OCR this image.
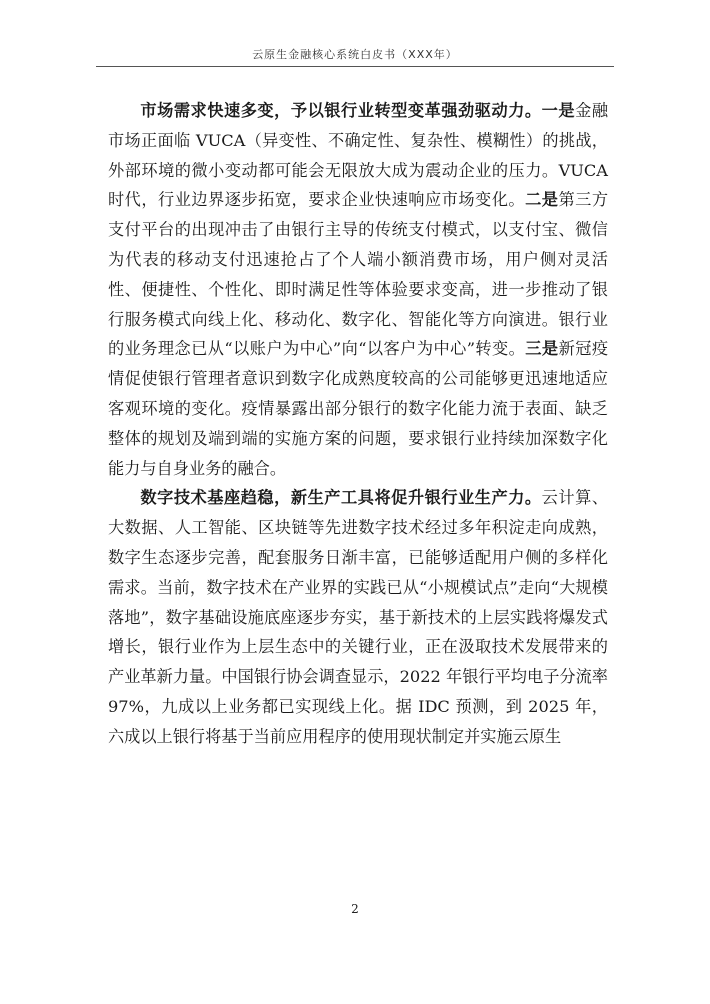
云原生金融核心系统白皮书（XXX年）

市场需求快速多变，予以银行业转型变革强劲驱动力。一是金融市场正面临 VUCA（异变性、不确定性、复杂性、模糊性）的挑战，外部环境的微小变动都可能会无限放大成为震动企业的压力。VUCA 时代，行业边界逐步拓宽，要求企业快速响应市场变化。二是第三方支付平台的出现冲击了由银行主导的传统支付模式，以支付宝、微信为代表的移动支付迅速抢占了个人端小额消费市场，用户侧对灵活性、便捷性、个性化、即时满足性等体验要求变高，进一步推动了银行服务模式向线上化、移动化、数字化、智能化等方向演进。银行业的业务理念已从“以账户为中心”向“以客户为中心”转变。三是新冠疫情促使银行管理者意识到数字化成熟度较高的公司能够更迅速地适应客观环境的变化。疫情暴露出部分银行的数字化能力流于表面、缺乏整体的规划及端到端的实施方案的问题，要求银行业持续加深数字化能力与自身业务的融合。

数字技术基座趋稳，新生产工具将促升银行业生产力。云计算、大数据、人工智能、区块链等先进数字技术经过多年积淀走向成熟，数字生态逐步完善，配套服务日渐丰富，已能够适配用户侧的多样化需求。当前，数字技术在产业界的实践已从“小规模试点”走向“大规模落地”，数字基础设施底座逐步夯实，基于新技术的上层实践将爆发式增长，银行业作为上层生态中的关键行业，正在汲取技术发展带来的产业革新力量。中国银行协会调查显示，2022 年银行平均电子分流率 97%，九成以上业务都已实现线上化。据 IDC 预测，到 2025 年，六成以上银行将基于当前应用程序的使用现状制定并实施云原生

2
